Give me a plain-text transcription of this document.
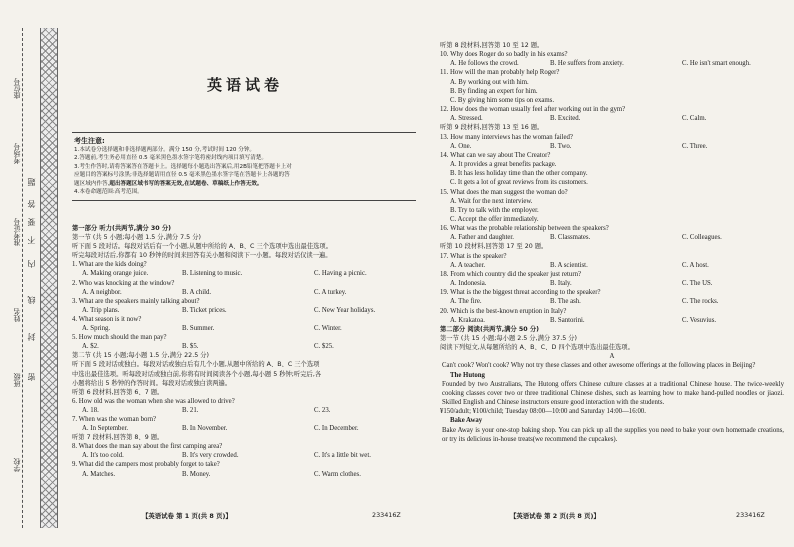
学校
班级
姓名
准考证号
考场号
座位号
密
封
线
内
不
要
答
题
英语试卷
考生注意:
1.本试卷分选择题和非选择题两部分。满分 150 分,考试时间 120 分钟。
2.答题前,考生务必用直径 0.5 毫米黑色墨水签字笔将密封线内项目填写清楚。
3.考生作答时,请将答案答在答题卡上。选择题每小题选出答案后,用2B铅笔把答题卡上对
应题目的答案标号涂黑;非选择题请用直径 0.5 毫米黑色墨水签字笔在答题卡上各题的答
题区域内作答,超出答题区域书写的答案无效,在试题卷、草稿纸上作答无效。
4.本卷命题范围:高考范围。
第一部分 听力(共两节,满分 30 分)
第一节 (共 5 小题;每小题 1.5 分,满分 7.5 分)
听下面 5 段对话。每段对话后有一个小题,从题中所给的 A、B、C 三个选项中选出最佳选项。
听完每段对话后,你都有 10 秒钟的时间来回答有关小题和阅读下一小题。每段对话仅读一遍。
1. What are the kids doing?
A. Making orange juice.	B. Listening to music.	C. Having a picnic.
2. Who was knocking at the window?
A. A neighbor.	B. A child.	C. A turkey.
3. What are the speakers mainly talking about?
A. Trip plans.	B. Ticket prices.	C. New Year holidays.
4. What season is it now?
A. Spring.	B. Summer.	C. Winter.
5. How much should the man pay?
A. $2.	B. $5.	C. $25.
第二节 (共 15 小题;每小题 1.5 分,满分 22.5 分)
听下面 5 段对话或独白。每段对话或独白后有几个小题,从题中所给的 A、B、C 三个选项
中选出最佳选项。听每段对话或独白前,你将有时间阅读各个小题,每小题 5 秒钟;听完后,各
小题将给出 5 秒钟的作答时间。每段对话或独白读两遍。
听第 6 段材料,回答第 6、7 题。
6. How old was the woman when she was allowed to drive?
A. 18.	B. 21.	C. 23.
7. When was the woman born?
A. In September.	B. In November.	C. In December.
听第 7 段材料,回答第 8、9 题。
8. What does the man say about the first camping area?
A. It's too cold.	B. It's very crowded.	C. It's a little bit wet.
9. What did the campers most probably forget to take?
A. Matches.	B. Money.	C. Warm clothes.
【英语试卷 第 1 页(共 8 页)】	233416Z
听第 8 段材料,回答第 10 至 12 题。
10. Why does Roger do so badly in his exams?
A. He follows the crowd.	B. He suffers from anxiety.	C. He isn't smart enough.
11. How will the man probably help Roger?
A. By working out with him.
B. By finding an expert for him.
C. By giving him some tips on exams.
12. How does the woman usually feel after working out in the gym?
A. Stressed.	B. Excited.	C. Calm.
听第 9 段材料,回答第 13 至 16 题。
13. How many interviews has the woman failed?
A. One.	B. Two.	C. Three.
14. What can we say about The Creator?
A. It provides a great benefits package.
B. It has less holiday time than the other company.
C. It gets a lot of great reviews from its customers.
15. What does the man suggest the woman do?
A. Wait for the next interview.
B. Try to talk with the employer.
C. Accept the offer immediately.
16. What was the probable relationship between the speakers?
A. Father and daughter.	B. Classmates.	C. Colleagues.
听第 10 段材料,回答第 17 至 20 题。
17. What is the speaker?
A. A teacher.	B. A scientist.	C. A host.
18. From which country did the speaker just return?
A. Indonesia.	B. Italy.	C. The US.
19. What is the the biggest threat according to the speaker?
A. The fire.	B. The ash.	C. The rocks.
20. Which is the best-known eruption in Italy?
A. Krakatoa.	B. Santorini.	C. Vesuvius.
第二部分 阅读(共两节,满分 50 分)
第一节 (共 15 小题;每小题 2.5 分,满分 37.5 分)
阅读下列短文,从每题所给的 A、B、C、D 四个选项中选出最佳选项。
A
Can't cook? Won't cook? Why not try these classes and other awesome offerings at the following places in Beijing?
The Hutong
Founded by two Australians, The Hutong offers Chinese culture classes at a traditional Chinese house. The twice-weekly cooking classes cover two or three traditional Chinese dishes, such as learning how to make hand-pulled noodles or jiaozi. Skilled English and Chinese instructors ensure good interaction with the students.
¥150/adult; ¥100/child; Tuesday 08:00—10:00 and Saturday 14:00—16:00.
Bake Away
Bake Away is your one-stop baking shop. You can pick up all the supplies you need to bake your own homemade creations, or try its delicious in-house treats(we recommend the cupcakes).
【英语试卷 第 2 页(共 8 页)】	233416Z
